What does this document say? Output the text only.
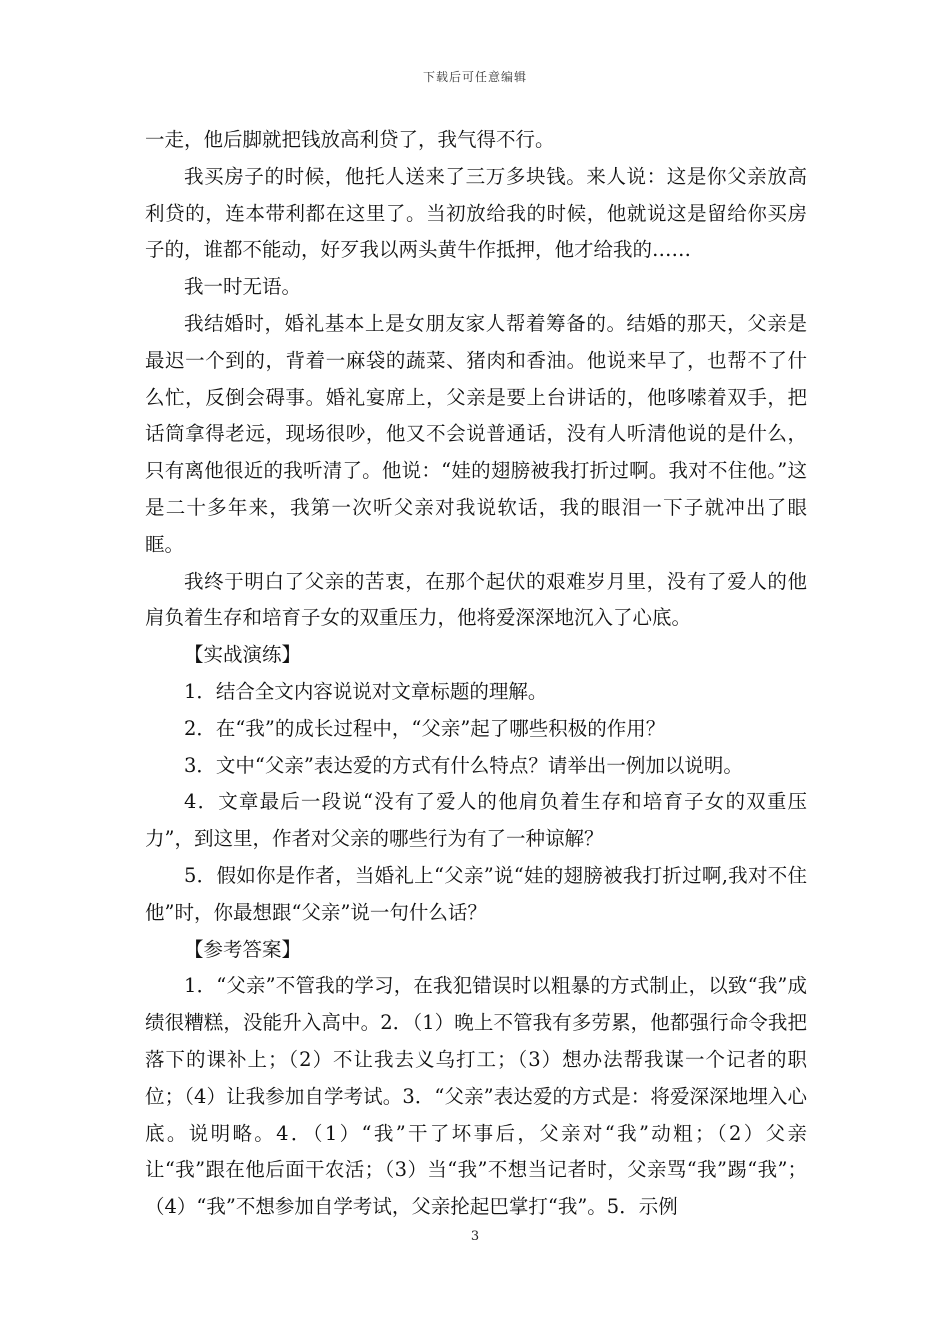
下载后可任意编辑

一走，他后脚就把钱放高利贷了，我气得不行。

我买房子的时候，他托人送来了三万多块钱。来人说：这是你父亲放高利贷的，连本带利都在这里了。当初放给我的时候，他就说这是留给你买房子的，谁都不能动，好歹我以两头黄牛作抵押，他才给我的……

我一时无语。

我结婚时，婚礼基本上是女朋友家人帮着筹备的。结婚的那天，父亲是最迟一个到的，背着一麻袋的蔬菜、猪肉和香油。他说来早了，也帮不了什么忙，反倒会碍事。婚礼宴席上，父亲是要上台讲话的，他哆嗦着双手，把话筒拿得老远，现场很吵，他又不会说普通话，没有人听清他说的是什么，只有离他很近的我听清了。他说：“娃的翅膀被我打折过啊。我对不住他。”这是二十多年来，我第一次听父亲对我说软话，我的眼泪一下子就冲出了眼眶。

我终于明白了父亲的苦衷，在那个起伏的艰难岁月里，没有了爱人的他肩负着生存和培育子女的双重压力，他将爱深深地沉入了心底。

【实战演练】

1．结合全文内容说说对文章标题的理解。

2．在“我”的成长过程中，“父亲”起了哪些积极的作用？

3．文中“父亲”表达爱的方式有什么特点？请举出一例加以说明。

4．文章最后一段说“没有了爱人的他肩负着生存和培育子女的双重压力”，到这里，作者对父亲的哪些行为有了一种谅解？

5．假如你是作者，当婚礼上“父亲”说“娃的翅膀被我打折过啊,我对不住他”时，你最想跟“父亲”说一句什么话？

【参考答案】

1．“父亲”不管我的学习，在我犯错误时以粗暴的方式制止，以致“我”成绩很糟糕，没能升入高中。2．（1）晚上不管我有多劳累，他都强行命令我把落下的课补上；（2）不让我去义乌打工；（3）想办法帮我谋一个记者的职位；（4）让我参加自学考试。3．“父亲”表达爱的方式是：将爱深深地埋入心底。说明略。4．（1）“我”干了坏事后，父亲对“我”动粗；（2）父亲让“我”跟在他后面干农活；（3）当“我”不想当记者时，父亲骂“我”踢“我”；（4）“我”不想参加自学考试，父亲抡起巴掌打“我”。5．示例

3
